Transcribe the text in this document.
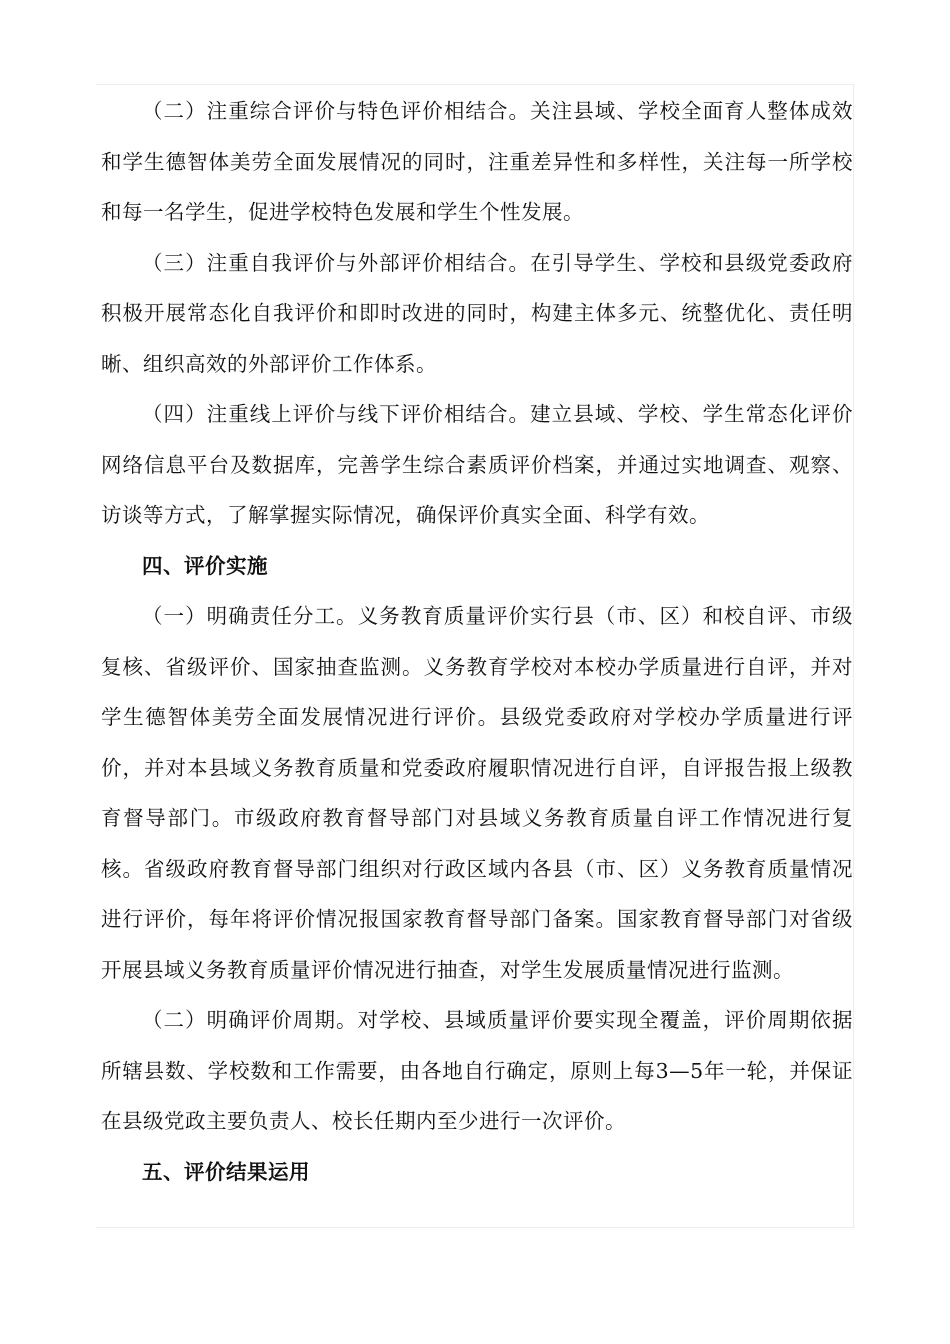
（二）注重综合评价与特色评价相结合。关注县域、学校全面育人整体成效和学生德智体美劳全面发展情况的同时，注重差异性和多样性，关注每一所学校和每一名学生，促进学校特色发展和学生个性发展。

（三）注重自我评价与外部评价相结合。在引导学生、学校和县级党委政府积极开展常态化自我评价和即时改进的同时，构建主体多元、统整优化、责任明晰、组织高效的外部评价工作体系。

（四）注重线上评价与线下评价相结合。建立县域、学校、学生常态化评价网络信息平台及数据库，完善学生综合素质评价档案，并通过实地调查、观察、访谈等方式，了解掌握实际情况，确保评价真实全面、科学有效。

四、评价实施

（一）明确责任分工。义务教育质量评价实行县（市、区）和校自评、市级复核、省级评价、国家抽查监测。义务教育学校对本校办学质量进行自评，并对学生德智体美劳全面发展情况进行评价。县级党委政府对学校办学质量进行评价，并对本县域义务教育质量和党委政府履职情况进行自评，自评报告报上级教育督导部门。市级政府教育督导部门对县域义务教育质量自评工作情况进行复核。省级政府教育督导部门组织对行政区域内各县（市、区）义务教育质量情况进行评价，每年将评价情况报国家教育督导部门备案。国家教育督导部门对省级开展县域义务教育质量评价情况进行抽查，对学生发展质量情况进行监测。

（二）明确评价周期。对学校、县域质量评价要实现全覆盖，评价周期依据所辖县数、学校数和工作需要，由各地自行确定，原则上每3—5年一轮，并保证在县级党政主要负责人、校长任期内至少进行一次评价。

五、评价结果运用
